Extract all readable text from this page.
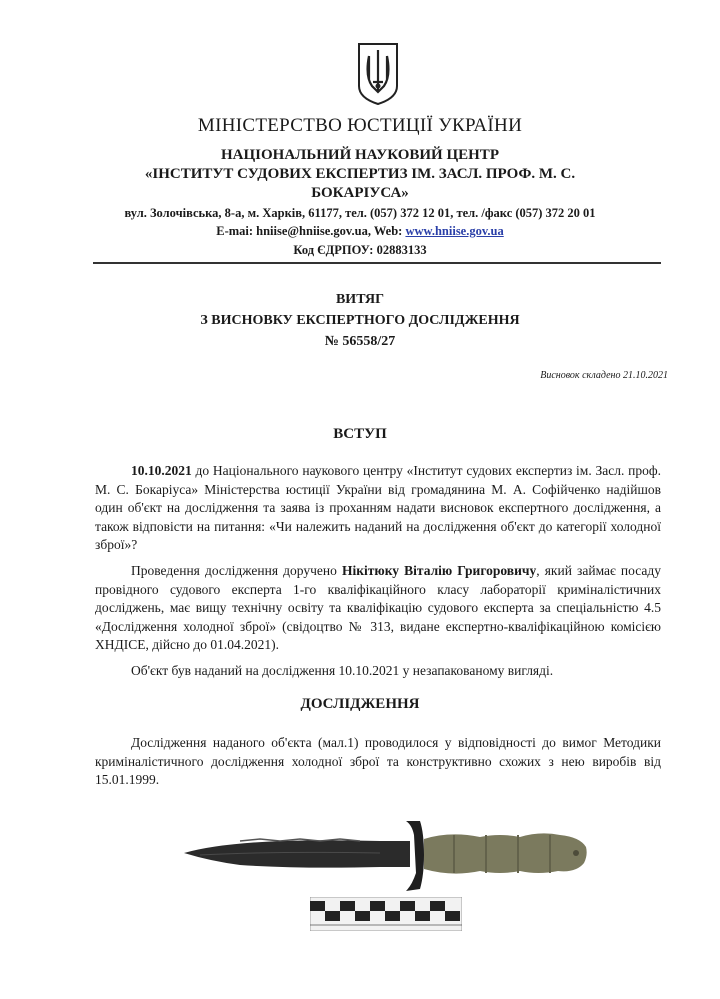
МІНІСТЕРСТВО ЮСТИЦІЇ УКРАЇНИ
НАЦІОНАЛЬНИЙ НАУКОВИЙ ЦЕНТР
«ІНСТИТУТ СУДОВИХ ЕКСПЕРТИЗ ІМ. ЗАСЛ. ПРОФ. М. С.
БОКАРІУСА»
вул. Золочівська, 8-а, м. Харків, 61177, тел. (057) 372 12 01, тел. /факс (057) 372 20 01
E-mai: hniise@hniise.gov.ua, Web: www.hniise.gov.ua
Код ЄДРПОУ: 02883133
ВИТЯГ
З ВИСНОВКУ ЕКСПЕРТНОГО ДОСЛІДЖЕННЯ
№ 56558/27
Висновок складено 21.10.2021
ВСТУП
10.10.2021 до Національного наукового центру «Інститут судових експертиз ім. Засл. проф. М. С. Бокаріуса» Міністерства юстиції України від громадянина М. А. Софійченко надійшов один об'єкт на дослідження та заява із проханням надати висновок експертного дослідження, а також відповісти на питання: «Чи належить наданий на дослідження об'єкт до категорії холодної зброї»?
Проведення дослідження доручено Нікітюку Віталію Григоровичу, який займає посаду провідного судового експерта 1-го кваліфікаційного класу лабораторії криміналістичних досліджень, має вищу технічну освіту та кваліфікацію судового експерта за спеціальністю 4.5 «Дослідження холодної зброї» (свідоцтво № 313, видане експертно-кваліфікаційною комісією ХНДІСЕ, дійсно до 01.04.2021).
Об'єкт був наданий на дослідження 10.10.2021 у незапакованому вигляді.
ДОСЛІДЖЕННЯ
Дослідження наданого об'єкта (мал.1) проводилося у відповідності до вимог Методики криміналістичного дослідження холодної зброї та конструктивно схожих з нею виробів від 15.01.1999.
